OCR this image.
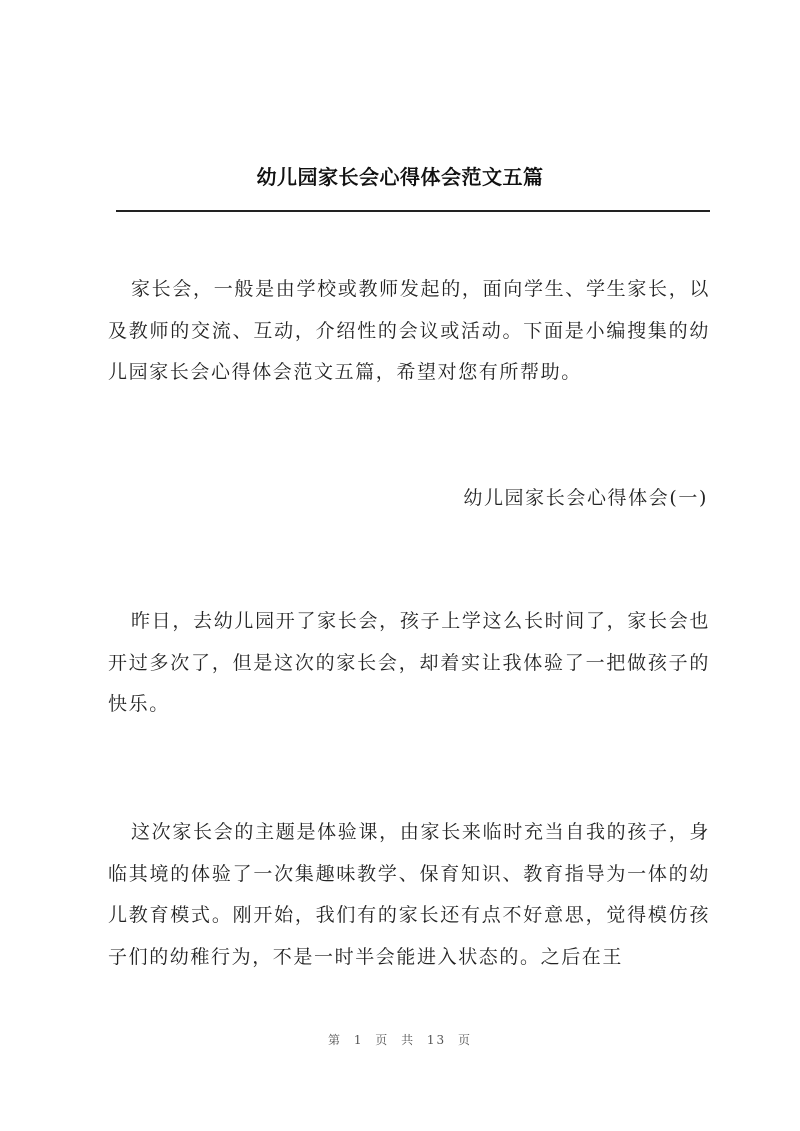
幼儿园家长会心得体会范文五篇

家长会，一般是由学校或教师发起的，面向学生、学生家长，以及教师的交流、互动，介绍性的会议或活动。下面是小编搜集的幼儿园家长会心得体会范文五篇，希望对您有所帮助。

幼儿园家长会心得体会(一)

昨日，去幼儿园开了家长会，孩子上学这么长时间了，家长会也开过多次了，但是这次的家长会，却着实让我体验了一把做孩子的快乐。

这次家长会的主题是体验课，由家长来临时充当自我的孩子，身临其境的体验了一次集趣味教学、保育知识、教育指导为一体的幼儿教育模式。刚开始，我们有的家长还有点不好意思，觉得模仿孩子们的幼稚行为，不是一时半会能进入状态的。之后在王

第 1 页 共 13 页
